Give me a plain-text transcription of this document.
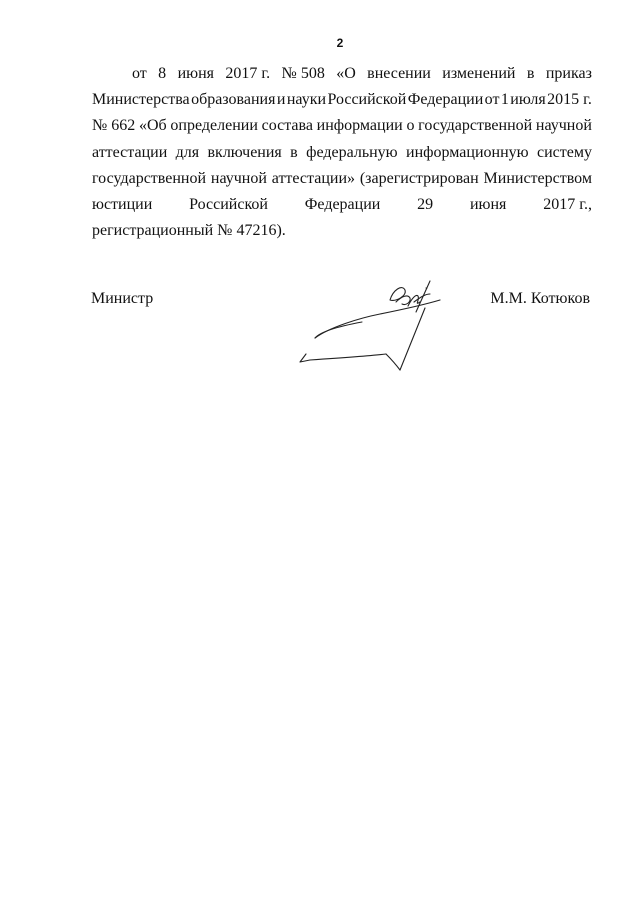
2
от 8 июня 2017 г. № 508 «О внесении изменений в приказ
Министерства образования и науки Российской Федерации от 1 июля 2015 г.
№ 662 «Об определении состава информации о государственной научной
аттестации для включения в федеральную информационную систему
государственной научной аттестации» (зарегистрирован Министерством
юстиции Российской Федерации 29 июня 2017 г.,
регистрационный № 47216).
Министр	М.М. Котюков
